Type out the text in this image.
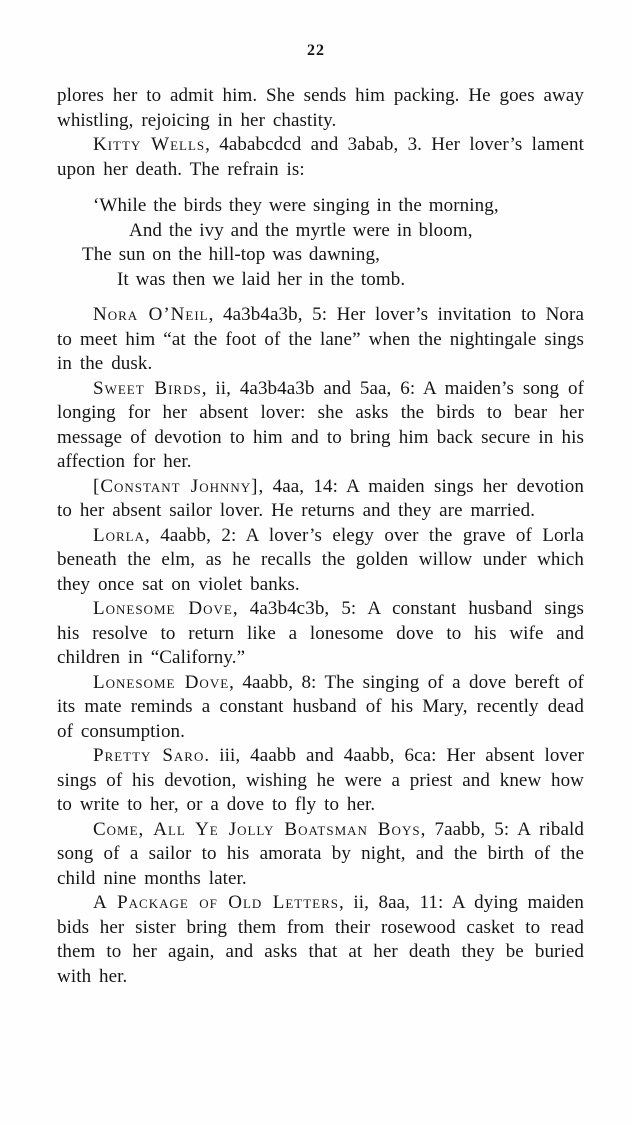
22

plores her to admit him. She sends him packing. He goes away whistling, rejoicing in her chastity.

Kitty Wells, 4ababcdcd and 3abab, 3. Her lover’s lament upon her death. The refrain is:

‘While the birds they were singing in the morning,
And the ivy and the myrtle were in bloom,
The sun on the hill-top was dawning,
It was then we laid her in the tomb.

Nora O’Neil, 4a3b4a3b, 5: Her lover’s invitation to Nora to meet him “at the foot of the lane” when the nightingale sings in the dusk.

Sweet Birds, ii, 4a3b4a3b and 5aa, 6: A maiden’s song of longing for her absent lover: she asks the birds to bear her message of devotion to him and to bring him back secure in his affection for her.

[Constant Johnny], 4aa, 14: A maiden sings her devotion to her absent sailor lover. He returns and they are married.

Lorla, 4aabb, 2: A lover’s elegy over the grave of Lorla beneath the elm, as he recalls the golden willow under which they once sat on violet banks.

Lonesome Dove, 4a3b4c3b, 5: A constant husband sings his resolve to return like a lonesome dove to his wife and children in “Californy.”

Lonesome Dove, 4aabb, 8: The singing of a dove bereft of its mate reminds a constant husband of his Mary, recently dead of consumption.

Pretty Saro. iii, 4aabb and 4aabb, 6ca: Her absent lover sings of his devotion, wishing he were a priest and knew how to write to her, or a dove to fly to her.

Come, All Ye Jolly Boatsman Boys, 7aabb, 5: A ribald song of a sailor to his amorata by night, and the birth of the child nine months later.

A Package of Old Letters, ii, 8aa, 11: A dying maiden bids her sister bring them from their rosewood casket to read them to her again, and asks that at her death they be buried with her.
